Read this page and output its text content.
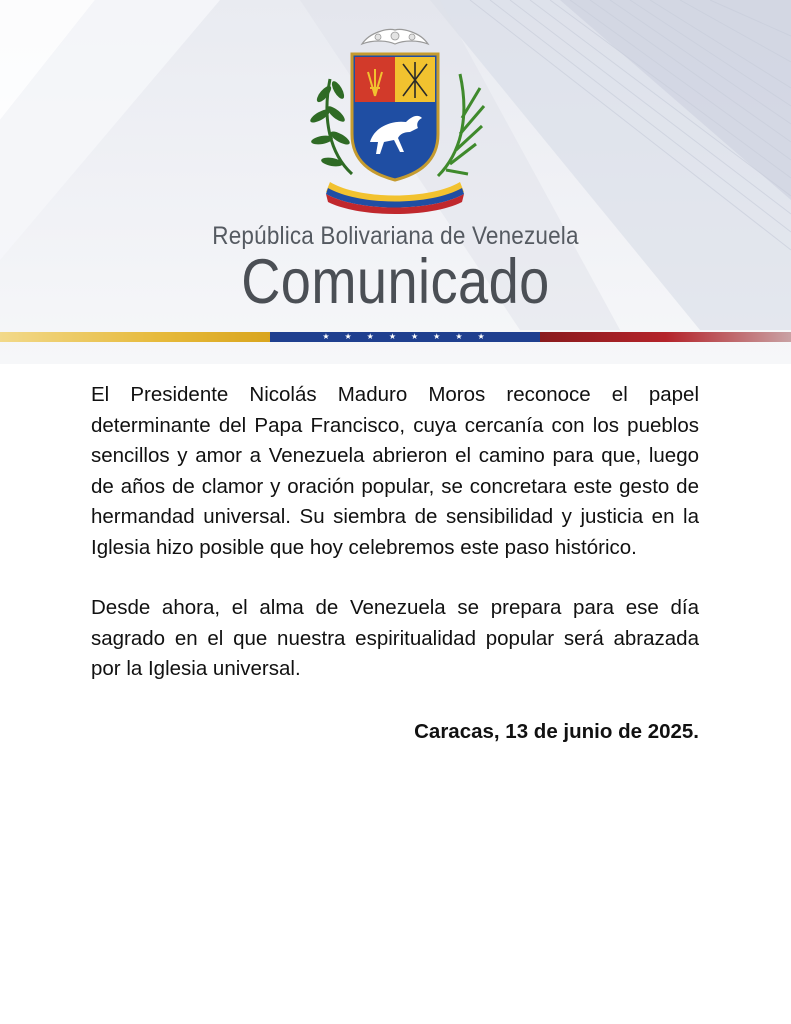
República Bolivariana de Venezuela
Comunicado
★★★★★★★★

El Presidente Nicolás Maduro Moros reconoce el papel determinante del Papa Francisco, cuya cercanía con los pueblos sencillos y amor a Venezuela abrieron el camino para que, luego de años de clamor y oración popular, se concretara este gesto de hermandad universal. Su siembra de sensibilidad y justicia en la Iglesia hizo posible que hoy celebremos este paso histórico.

Desde ahora, el alma de Venezuela se prepara para ese día sagrado en el que nuestra espiritualidad popular será abrazada por la Iglesia universal.

Caracas, 13 de junio de 2025.
